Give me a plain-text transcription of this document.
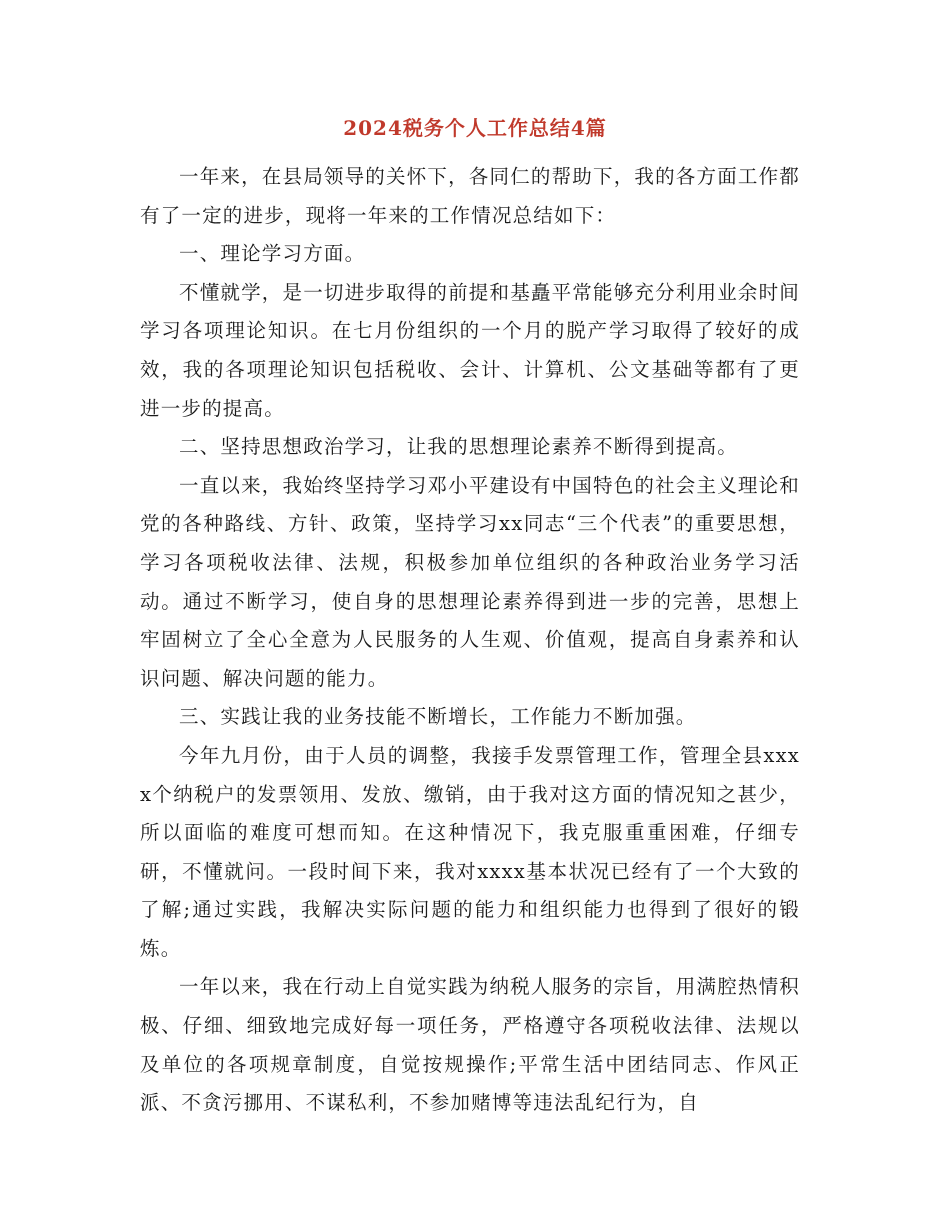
2024税务个人工作总结4篇

一年来，在县局领导的关怀下，各同仁的帮助下，我的各方面工作都有了一定的进步，现将一年来的工作情况总结如下：

一、理论学习方面。

不懂就学，是一切进步取得的前提和基矗平常能够充分利用业余时间学习各项理论知识。在七月份组织的一个月的脱产学习取得了较好的成效，我的各项理论知识包括税收、会计、计算机、公文基础等都有了更进一步的提高。

二、坚持思想政治学习，让我的思想理论素养不断得到提高。

一直以来，我始终坚持学习邓小平建设有中国特色的社会主义理论和党的各种路线、方针、政策，坚持学习xx同志“三个代表”的重要思想，学习各项税收法律、法规，积极参加单位组织的各种政治业务学习活动。通过不断学习，使自身的思想理论素养得到进一步的完善，思想上牢固树立了全心全意为人民服务的人生观、价值观，提高自身素养和认识问题、解决问题的能力。

三、实践让我的业务技能不断增长，工作能力不断加强。

今年九月份，由于人员的调整，我接手发票管理工作，管理全县xxxx个纳税户的发票领用、发放、缴销，由于我对这方面的情况知之甚少，所以面临的难度可想而知。在这种情况下，我克服重重困难，仔细专研，不懂就问。一段时间下来，我对xxxx基本状况已经有了一个大致的了解;通过实践，我解决实际问题的能力和组织能力也得到了很好的锻炼。

一年以来，我在行动上自觉实践为纳税人服务的宗旨，用满腔热情积极、仔细、细致地完成好每一项任务，严格遵守各项税收法律、法规以及单位的各项规章制度，自觉按规操作;平常生活中团结同志、作风正派、不贪污挪用、不谋私利，不参加赌博等违法乱纪行为，自
